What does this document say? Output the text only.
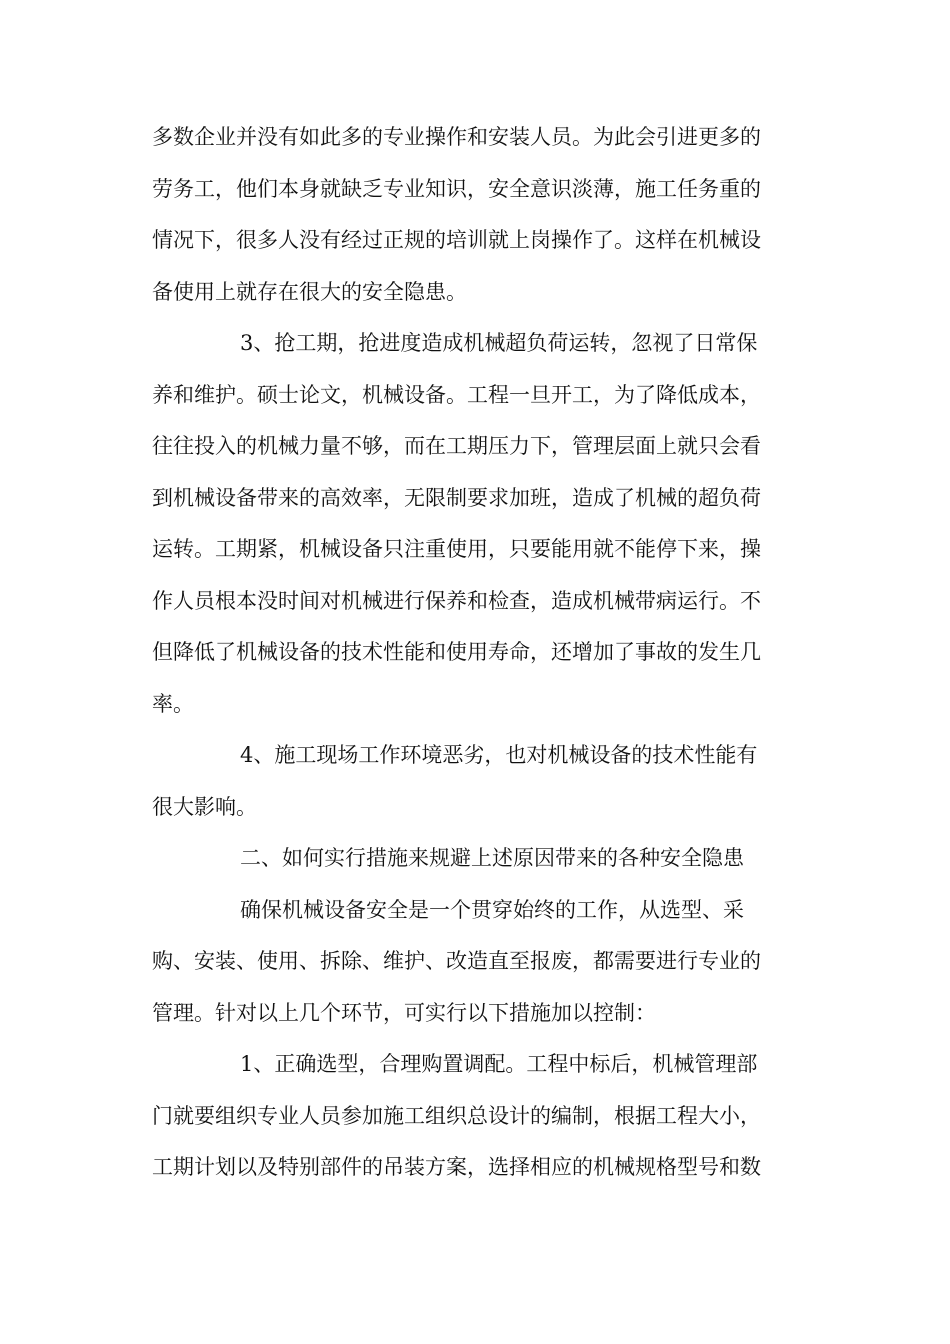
多数企业并没有如此多的专业操作和安装人员。为此会引进更多的
劳务工，他们本身就缺乏专业知识，安全意识淡薄，施工任务重的
情况下，很多人没有经过正规的培训就上岗操作了。这样在机械设
备使用上就存在很大的安全隐患。
3、抢工期，抢进度造成机械超负荷运转，忽视了日常保
养和维护。硕士论文，机械设备。工程一旦开工，为了降低成本，
往往投入的机械力量不够，而在工期压力下，管理层面上就只会看
到机械设备带来的高效率，无限制要求加班，造成了机械的超负荷
运转。工期紧，机械设备只注重使用，只要能用就不能停下来，操
作人员根本没时间对机械进行保养和检查，造成机械带病运行。不
但降低了机械设备的技术性能和使用寿命，还增加了事故的发生几
率。
4、施工现场工作环境恶劣，也对机械设备的技术性能有
很大影响。
二、如何实行措施来规避上述原因带来的各种安全隐患
确保机械设备安全是一个贯穿始终的工作，从选型、采
购、安装、使用、拆除、维护、改造直至报废，都需要进行专业的
管理。针对以上几个环节，可实行以下措施加以控制：
1、正确选型，合理购置调配。工程中标后，机械管理部
门就要组织专业人员参加施工组织总设计的编制，根据工程大小，
工期计划以及特别部件的吊装方案，选择相应的机械规格型号和数
